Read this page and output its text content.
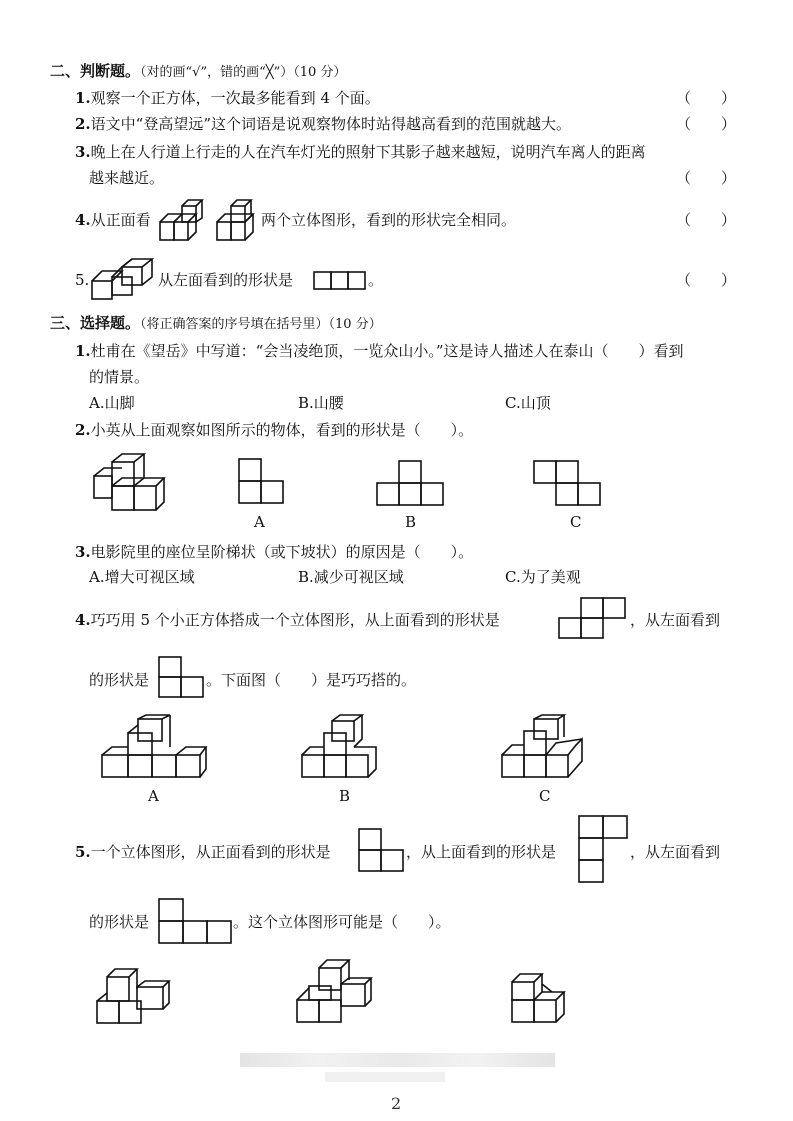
二、判断题。（对的画“√”，错的画“╳”）（10 分）
1.观察一个正方体，一次最多能看到 4 个面。	（　　）
2.语文中“登高望远”这个词语是说观察物体时站得越高看到的范围就越大。	（　　）
3.晚上在人行道上行走的人在汽车灯光的照射下其影子越来越短，说明汽车离人的距离
越来越近。	（　　）
4.从正面看	两个立体图形，看到的形状完全相同。	（　　）
5.	从左面看到的形状是	。	（　　）
三、选择题。（将正确答案的序号填在括号里）（10 分）
1.杜甫在《望岳》中写道：“会当凌绝顶，一览众山小。”这是诗人描述人在泰山（　　）看到
的情景。
A.山脚	B.山腰	C.山顶
2.小英从上面观察如图所示的物体，看到的形状是（　　）。
A	B	C
3.电影院里的座位呈阶梯状（或下坡状）的原因是（　　）。
A.增大可视区域	B.减少可视区域	C.为了美观
4.巧巧用 5 个小正方体搭成一个立体图形，从上面看到的形状是	，从左面看到
的形状是	。下面图（　　）是巧巧搭的。
A	B	C
5.一个立体图形，从正面看到的形状是	，从上面看到的形状是	，从左面看到
的形状是	。这个立体图形可能是（　　）。
2
